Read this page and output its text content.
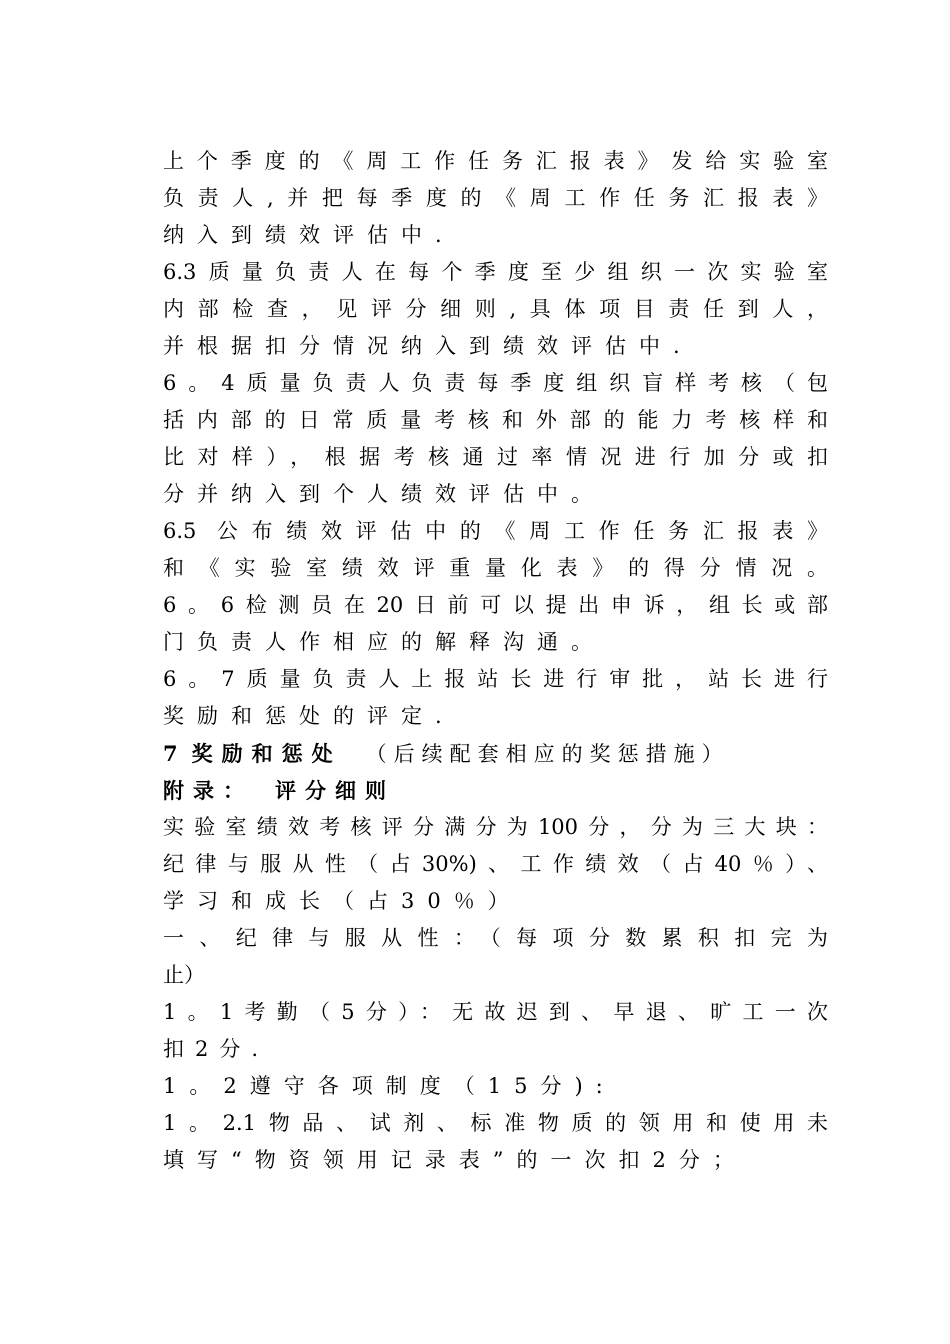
上个季度的《周工作任务汇报表》发给实验室
负责人,并把每季度的《周工作任务汇报表》
纳入到绩效评估中.
6.3质量负责人在每个季度至少组织一次实验室
内部检查，见评分细则,具体项目责任到人，
并根据扣分情况纳入到绩效评估中.
6。4质量负责人负责每季度组织盲样考核（包
括内部的日常质量考核和外部的能力考核样和
比对样），根据考核通过率情况进行加分或扣
分并纳入到个人绩效评估中。
6.5 公布绩效评估中的《周工作任务汇报表》
和《实验室绩效评重量化表》的得分情况。
6。6检测员在20日前可以提出申诉，组长或部
门负责人作相应的解释沟通。
6。7质量负责人上报站长进行审批，站长进行
奖励和惩处的评定.
7 奖励和惩处 （后续配套相应的奖惩措施）
附录： 评分细则
实验室绩效考核评分满分为100分，分为三大块：
纪律与服从性（占30%)、工作绩效（占40％）、
学习和成长（占30％）
一、纪律与服从性：（每项分数累积扣完为
止）
1。1考勤（5分）：无故迟到、早退、旷工一次
扣2分.
1。2遵守各项制度（15分):
1。2.1物品、试剂、标准物质的领用和使用未
填写“物资领用记录表”的一次扣2分；
